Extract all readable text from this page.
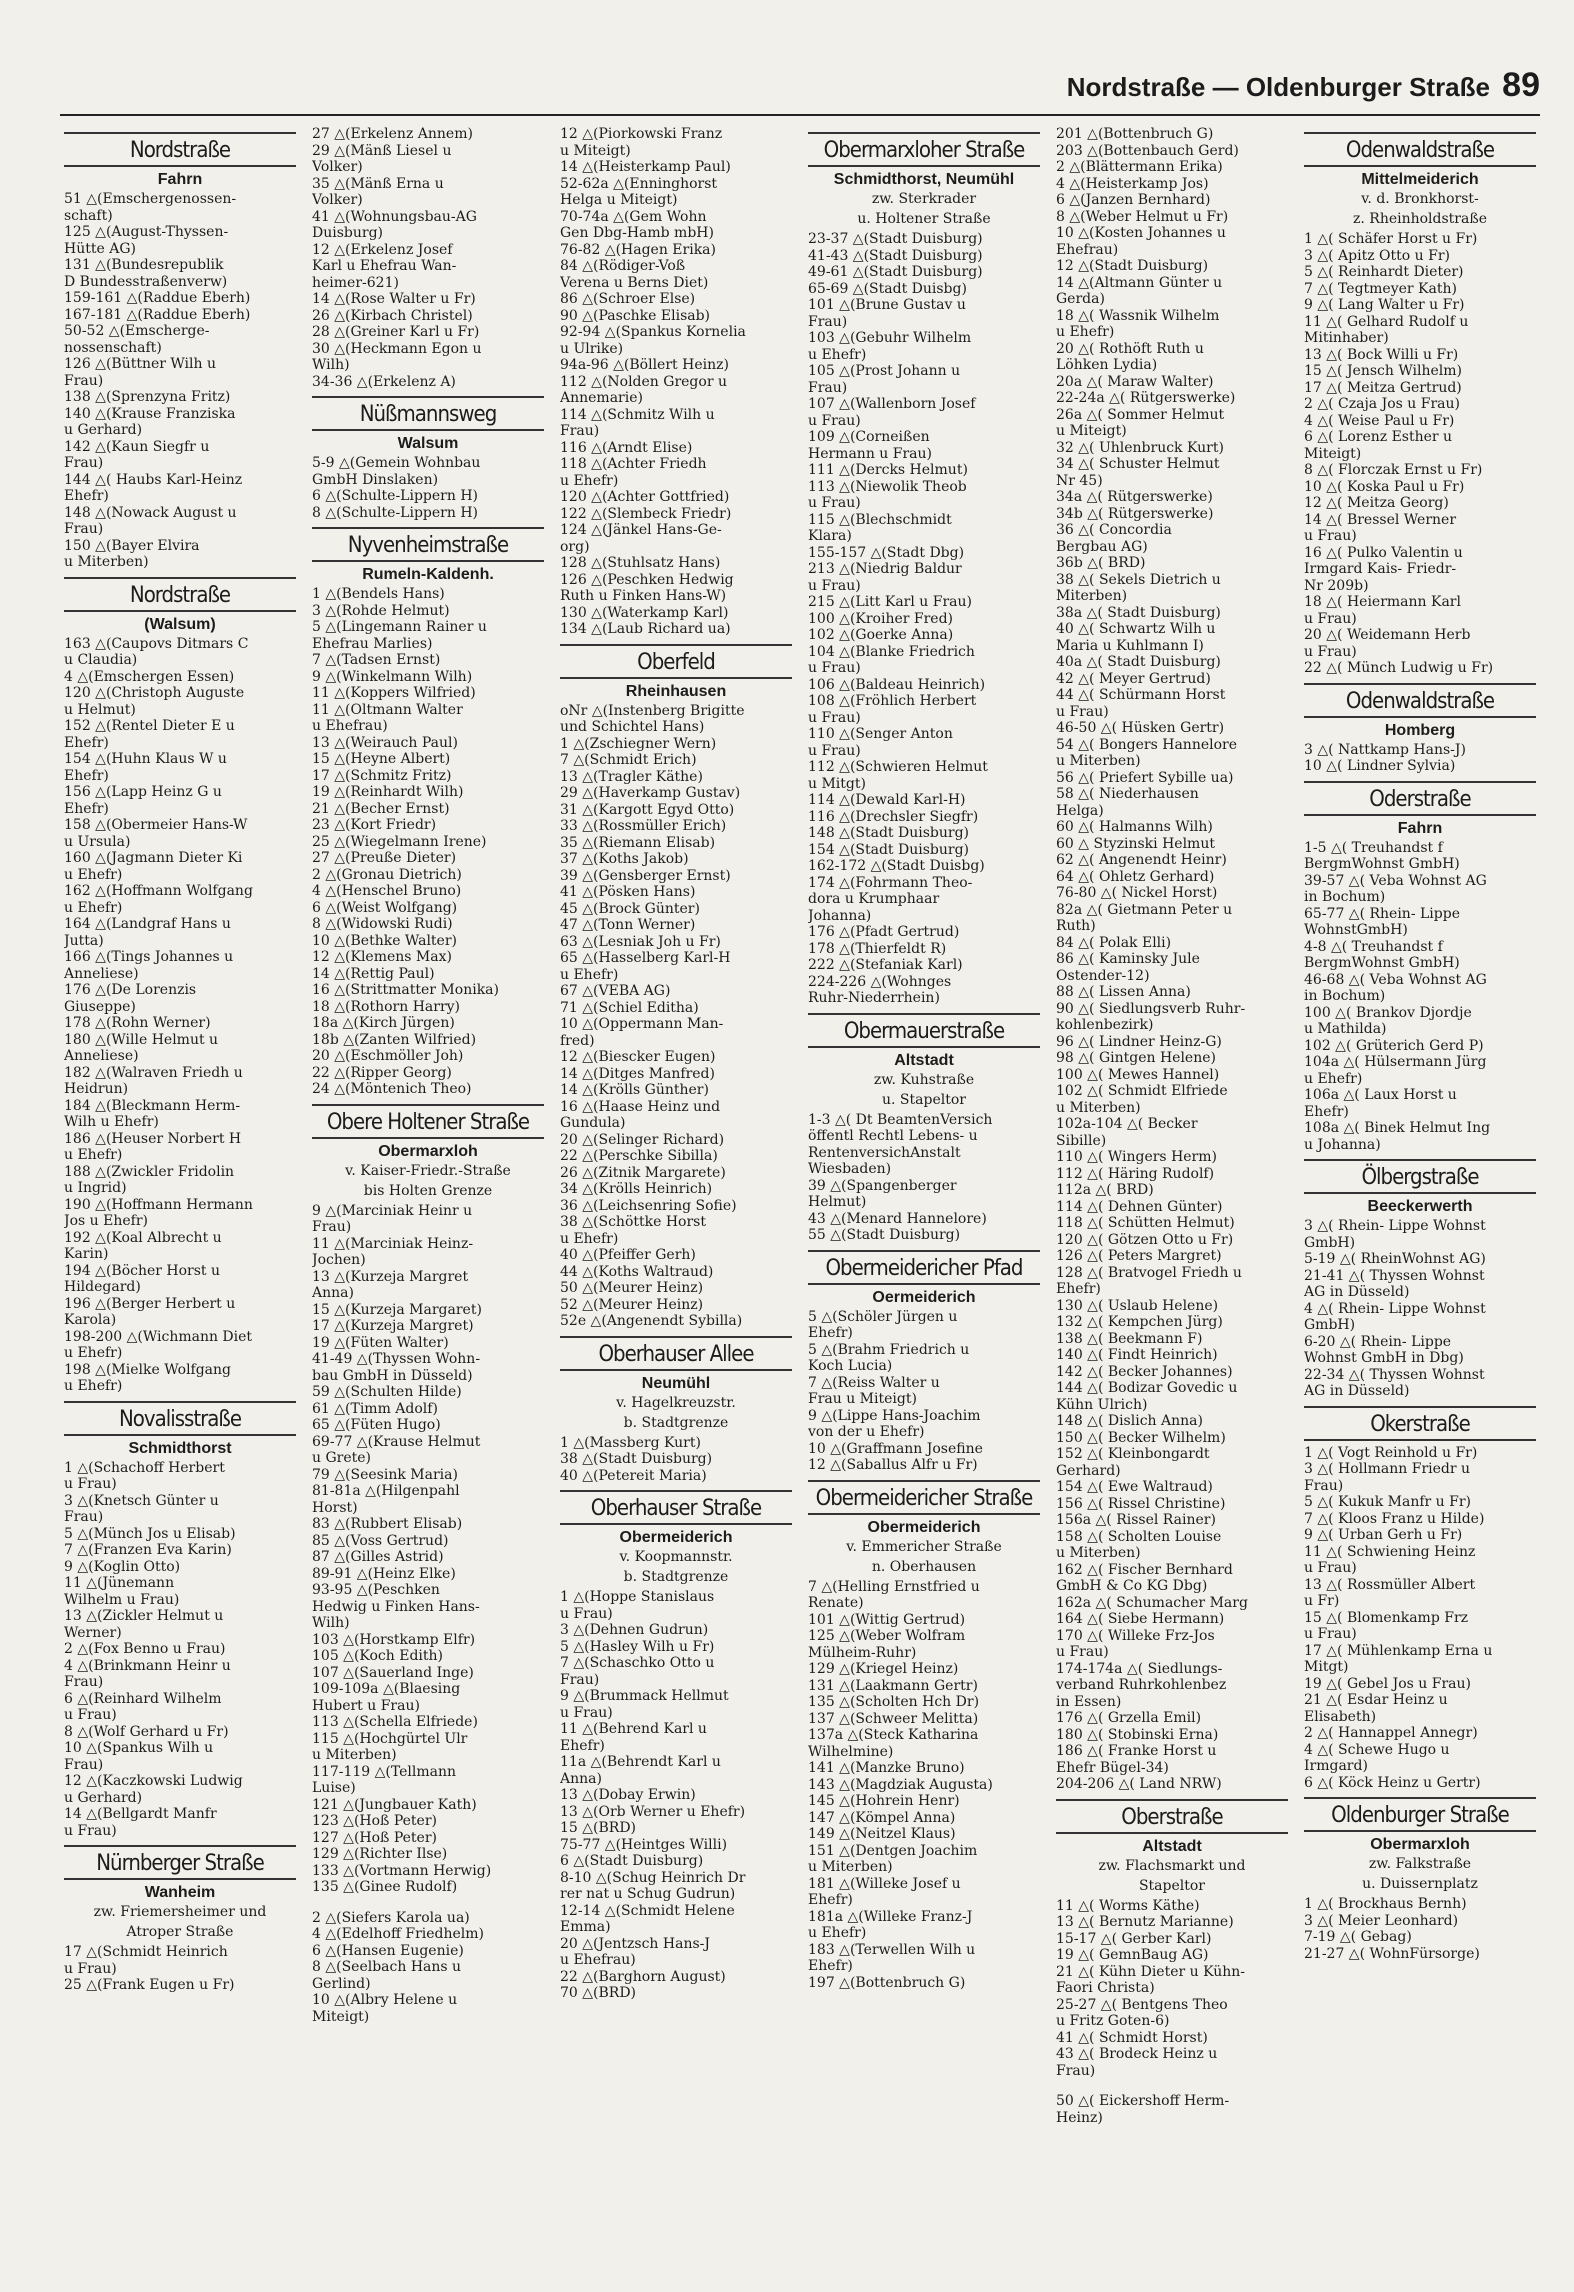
Nordstraße — Oldenburger Straße 89
Nordstraße
Fahrn
51 △(Emschergenossen-
schaft)
125 △(August-Thyssen-
Hütte AG)
131 △(Bundesrepublik
D Bundesstraßenverw)
159-161 △(Raddue Eberh)
167-181 △(Raddue Eberh)
50-52 △(Emscherge-
nossenschaft)
126 △(Büttner Wilh u
Frau)
138 △(Sprenzyna Fritz)
140 △(Krause Franziska
u Gerhard)
142 △(Kaun Siegfr u
Frau)
144 △( Haubs Karl-Heinz
Ehefr)
148 △(Nowack August u
Frau)
150 △(Bayer Elvira
u Miterben)
Nordstraße
(Walsum)
163 △(Caupovs Ditmars C
u Claudia)
4 △(Emschergen Essen)
120 △(Christoph Auguste
u Helmut)
152 △(Rentel Dieter E u
Ehefr)
154 △(Huhn Klaus W u
Ehefr)
156 △(Lapp Heinz G u
Ehefr)
158 △(Obermeier Hans-W
u Ursula)
160 △(Jagmann Dieter Ki
u Ehefr)
162 △(Hoffmann Wolfgang
u Ehefr)
164 △(Landgraf Hans u
Jutta)
166 △(Tings Johannes u
Anneliese)
176 △(De Lorenzis
Giuseppe)
178 △(Rohn Werner)
180 △(Wille Helmut u
Anneliese)
182 △(Walraven Friedh u
Heidrun)
184 △(Bleckmann Herm-
Wilh u Ehefr)
186 △(Heuser Norbert H
u Ehefr)
188 △(Zwickler Fridolin
u Ingrid)
190 △(Hoffmann Hermann
Jos u Ehefr)
192 △(Koal Albrecht u
Karin)
194 △(Böcher Horst u
Hildegard)
196 △(Berger Herbert u
Karola)
198-200 △(Wichmann Diet
u Ehefr)
198 △(Mielke Wolfgang
u Ehefr)
Novalisstraße
Schmidthorst
1 △(Schachoff Herbert
u Frau)
3 △(Knetsch Günter u
Frau)
5 △(Münch Jos u Elisab)
7 △(Franzen Eva Karin)
9 △(Koglin Otto)
11 △(Jünemann
Wilhelm u Frau)
13 △(Zickler Helmut u
Werner)
2 △(Fox Benno u Frau)
4 △(Brinkmann Heinr u
Frau)
6 △(Reinhard Wilhelm
u Frau)
8 △(Wolf Gerhard u Fr)
10 △(Spankus Wilh u
Frau)
12 △(Kaczkowski Ludwig
u Gerhard)
14 △(Bellgardt Manfr
u Frau)
Nürnberger Straße
Wanheim
zw. Friemersheimer und
Atroper Straße
17 △(Schmidt Heinrich
u Frau)
25 △(Frank Eugen u Fr)
27 △(Erkelenz Annem)
29 △(Mänß Liesel u
Volker)
35 △(Mänß Erna u
Volker)
41 △(Wohnungsbau-AG
Duisburg)
12 △(Erkelenz Josef
Karl u Ehefrau Wan-
heimer-621)
14 △(Rose Walter u Fr)
26 △(Kirbach Christel)
28 △(Greiner Karl u Fr)
30 △(Heckmann Egon u
Wilh)
34-36 △(Erkelenz A)
Nüßmannsweg
Walsum
5-9 △(Gemein Wohnbau
GmbH Dinslaken)
6 △(Schulte-Lippern H)
8 △(Schulte-Lippern H)
Nyvenheimstraße
Rumeln-Kaldenh.
1 △(Bendels Hans)
3 △(Rohde Helmut)
5 △(Lingemann Rainer u
Ehefrau Marlies)
7 △(Tadsen Ernst)
9 △(Winkelmann Wilh)
11 △(Koppers Wilfried)
11 △(Oltmann Walter
u Ehefrau)
13 △(Weirauch Paul)
15 △(Heyne Albert)
17 △(Schmitz Fritz)
19 △(Reinhardt Wilh)
21 △(Becher Ernst)
23 △(Kort Friedr)
25 △(Wiegelmann Irene)
27 △(Preuße Dieter)
2 △(Gronau Dietrich)
4 △(Henschel Bruno)
6 △(Weist Wolfgang)
8 △(Widowski Rudi)
10 △(Bethke Walter)
12 △(Klemens Max)
14 △(Rettig Paul)
16 △(Strittmatter Monika)
18 △(Rothorn Harry)
18a △(Kirch Jürgen)
18b △(Zanten Wilfried)
20 △(Eschmöller Joh)
22 △(Ripper Georg)
24 △(Möntenich Theo)
Obere Holtener Straße
Obermarxloh
v. Kaiser-Friedr.-Straße
bis Holten Grenze
9 △(Marciniak Heinr u
Frau)
11 △(Marciniak Heinz-
Jochen)
13 △(Kurzeja Margret
Anna)
15 △(Kurzeja Margaret)
17 △(Kurzeja Margret)
19 △(Füten Walter)
41-49 △(Thyssen Wohn-
bau GmbH in Düsseld)
59 △(Schulten Hilde)
61 △(Timm Adolf)
65 △(Füten Hugo)
69-77 △(Krause Helmut
u Grete)
79 △(Seesink Maria)
81-81a △(Hilgenpahl
Horst)
83 △(Rubbert Elisab)
85 △(Voss Gertrud)
87 △(Gilles Astrid)
89-91 △(Heinz Elke)
93-95 △(Peschken
Hedwig u Finken Hans-
Wilh)
103 △(Horstkamp Elfr)
105 △(Koch Edith)
107 △(Sauerland Inge)
109-109a △(Blaesing
Hubert u Frau)
113 △(Schella Elfriede)
115 △(Hochgürtel Ulr
u Miterben)
117-119 △(Tellmann
Luise)
121 △(Jungbauer Kath)
123 △(Hoß Peter)
127 △(Hoß Peter)
129 △(Richter Ilse)
133 △(Vortmann Herwig)
135 △(Ginee Rudolf)
2 △(Siefers Karola ua)
4 △(Edelhoff Friedhelm)
6 △(Hansen Eugenie)
8 △(Seelbach Hans u
Gerlind)
10 △(Albry Helene u
Miteigt)
12 △(Piorkowski Franz
u Miteigt)
14 △(Heisterkamp Paul)
52-62a △(Enninghorst
Helga u Miteigt)
70-74a △(Gem Wohn
Gen Dbg-Hamb mbH)
76-82 △(Hagen Erika)
84 △(Rödiger-Voß
Verena u Berns Diet)
86 △(Schroer Else)
90 △(Paschke Elisab)
92-94 △(Spankus Kornelia
u Ulrike)
94a-96 △(Böllert Heinz)
112 △(Nolden Gregor u
Annemarie)
114 △(Schmitz Wilh u
Frau)
116 △(Arndt Elise)
118 △(Achter Friedh
u Ehefr)
120 △(Achter Gottfried)
122 △(Slembeck Friedr)
124 △(Jänkel Hans-Ge-
org)
128 △(Stuhlsatz Hans)
126 △(Peschken Hedwig
Ruth u Finken Hans-W)
130 △(Waterkamp Karl)
134 △(Laub Richard ua)
Oberfeld
Rheinhausen
oNr △(Instenberg Brigitte
und Schichtel Hans)
1 △(Zschiegner Wern)
7 △(Schmidt Erich)
13 △(Tragler Käthe)
29 △(Haverkamp Gustav)
31 △(Kargott Egyd Otto)
33 △(Rossmüller Erich)
35 △(Riemann Elisab)
37 △(Koths Jakob)
39 △(Gensberger Ernst)
41 △(Pösken Hans)
45 △(Brock Günter)
47 △(Tonn Werner)
63 △(Lesniak Joh u Fr)
65 △(Hasselberg Karl-H
u Ehefr)
67 △(VEBA AG)
71 △(Schiel Editha)
10 △(Oppermann Man-
fred)
12 △(Biescker Eugen)
14 △(Ditges Manfred)
14 △(Krölls Günther)
16 △(Haase Heinz und
Gundula)
20 △(Selinger Richard)
22 △(Perschke Sibilla)
26 △(Zitnik Margarete)
34 △(Krölls Heinrich)
36 △(Leichsenring Sofie)
38 △(Schöttke Horst
u Ehefr)
40 △(Pfeiffer Gerh)
44 △(Koths Waltraud)
50 △(Meurer Heinz)
52 △(Meurer Heinz)
52e △(Angenendt Sybilla)
Oberhauser Allee
Neumühl
v. Hagelkreuzstr.
b. Stadtgrenze
1 △(Massberg Kurt)
38 △(Stadt Duisburg)
40 △(Petereit Maria)
Oberhauser Straße
Obermeiderich
v. Koopmannstr.
b. Stadtgrenze
1 △(Hoppe Stanislaus
u Frau)
3 △(Dehnen Gudrun)
5 △(Hasley Wilh u Fr)
7 △(Schaschko Otto u
Frau)
9 △(Brummack Hellmut
u Frau)
11 △(Behrend Karl u
Ehefr)
11a △(Behrendt Karl u
Anna)
13 △(Dobay Erwin)
13 △(Orb Werner u Ehefr)
15 △(BRD)
75-77 △(Heintges Willi)
6 △(Stadt Duisburg)
8-10 △(Schug Heinrich Dr
rer nat u Schug Gudrun)
12-14 △(Schmidt Helene
Emma)
20 △(Jentzsch Hans-J
u Ehefrau)
22 △(Barghorn August)
70 △(BRD)
Obermarxloher Straße
Schmidthorst, Neumühl
zw. Sterkrader
u. Holtener Straße
23-37 △(Stadt Duisburg)
41-43 △(Stadt Duisburg)
49-61 △(Stadt Duisburg)
65-69 △(Stadt Duisbg)
101 △(Brune Gustav u
Frau)
103 △(Gebuhr Wilhelm
u Ehefr)
105 △(Prost Johann u
Frau)
107 △(Wallenborn Josef
u Frau)
109 △(Corneißen
Hermann u Frau)
111 △(Dercks Helmut)
113 △(Niewolik Theob
u Frau)
115 △(Blechschmidt
Klara)
155-157 △(Stadt Dbg)
213 △(Niedrig Baldur
u Frau)
215 △(Litt Karl u Frau)
100 △(Kroiher Fred)
102 △(Goerke Anna)
104 △(Blanke Friedrich
u Frau)
106 △(Baldeau Heinrich)
108 △(Fröhlich Herbert
u Frau)
110 △(Senger Anton
u Frau)
112 △(Schwieren Helmut
u Mitgt)
114 △(Dewald Karl-H)
116 △(Drechsler Siegfr)
148 △(Stadt Duisburg)
154 △(Stadt Duisburg)
162-172 △(Stadt Duisbg)
174 △(Fohrmann Theo-
dora u Krumphaar
Johanna)
176 △(Pfadt Gertrud)
178 △(Thierfeldt R)
222 △(Stefaniak Karl)
224-226 △(Wohnges
Ruhr-Niederrhein)
Obermauerstraße
Altstadt
zw. Kuhstraße
u. Stapeltor
1-3 △( Dt BeamtenVersich
öffentl Rechtl Lebens- u
RentenversichAnstalt
Wiesbaden)
39 △(Spangenberger
Helmut)
43 △(Menard Hannelore)
55 △(Stadt Duisburg)
Obermeidericher Pfad
Oermeiderich
5 △(Schöler Jürgen u
Ehefr)
5 △(Brahm Friedrich u
Koch Lucia)
7 △(Reiss Walter u
Frau u Miteigt)
9 △(Lippe Hans-Joachim
von der u Ehefr)
10 △(Graffmann Josefine
12 △(Saballus Alfr u Fr)
Obermeidericher Straße
Obermeiderich
v. Emmericher Straße
n. Oberhausen
7 △(Helling Ernstfried u
Renate)
101 △(Wittig Gertrud)
125 △(Weber Wolfram
Mülheim-Ruhr)
129 △(Kriegel Heinz)
131 △(Laakmann Gertr)
135 △(Scholten Hch Dr)
137 △(Schweer Melitta)
137a △(Steck Katharina
Wilhelmine)
141 △(Manzke Bruno)
143 △(Magdziak Augusta)
145 △(Hohrein Henr)
147 △(Kömpel Anna)
149 △(Neitzel Klaus)
151 △(Dentgen Joachim
u Miterben)
181 △(Willeke Josef u
Ehefr)
181a △(Willeke Franz-J
u Ehefr)
183 △(Terwellen Wilh u
Ehefr)
197 △(Bottenbruch G)
201 △(Bottenbruch G)
203 △(Bottenbauch Gerd)
2 △(Blättermann Erika)
4 △(Heisterkamp Jos)
6 △(Janzen Bernhard)
8 △(Weber Helmut u Fr)
10 △(Kosten Johannes u
Ehefrau)
12 △(Stadt Duisburg)
14 △(Altmann Günter u
Gerda)
18 △( Wassnik Wilhelm
u Ehefr)
20 △( Rothöft Ruth u
Löhken Lydia)
20a △( Maraw Walter)
22-24a △( Rütgerswerke)
26a △( Sommer Helmut
u Miteigt)
32 △( Uhlenbruck Kurt)
34 △( Schuster Helmut
Nr 45)
34a △( Rütgerswerke)
34b △( Rütgerswerke)
36 △( Concordia
Bergbau AG)
36b △( BRD)
38 △( Sekels Dietrich u
Miterben)
38a △( Stadt Duisburg)
40 △( Schwartz Wilh u
Maria u Kuhlmann I)
40a △( Stadt Duisburg)
42 △( Meyer Gertrud)
44 △( Schürmann Horst
u Frau)
46-50 △( Hüsken Gertr)
54 △( Bongers Hannelore
u Miterben)
56 △( Priefert Sybille ua)
58 △( Niederhausen
Helga)
60 △( Halmanns Wilh)
60 △ Styzinski Helmut
62 △( Angenendt Heinr)
64 △( Ohletz Gerhard)
76-80 △( Nickel Horst)
82a △( Gietmann Peter u
Ruth)
84 △( Polak Elli)
86 △( Kaminsky Jule
Ostender-12)
88 △( Lissen Anna)
90 △( Siedlungsverb Ruhr-
kohlenbezirk)
96 △( Lindner Heinz-G)
98 △( Gintgen Helene)
100 △( Mewes Hannel)
102 △( Schmidt Elfriede
u Miterben)
102a-104 △( Becker
Sibille)
110 △( Wingers Herm)
112 △( Häring Rudolf)
112a △( BRD)
114 △( Dehnen Günter)
118 △( Schütten Helmut)
120 △( Götzen Otto u Fr)
126 △( Peters Margret)
128 △( Bratvogel Friedh u
Ehefr)
130 △( Uslaub Helene)
132 △( Kempchen Jürg)
138 △( Beekmann F)
140 △( Findt Heinrich)
142 △( Becker Johannes)
144 △( Bodizar Govedic u
Kühn Ulrich)
148 △( Dislich Anna)
150 △( Becker Wilhelm)
152 △( Kleinbongardt
Gerhard)
154 △( Ewe Waltraud)
156 △( Rissel Christine)
156a △( Rissel Rainer)
158 △( Scholten Louise
u Miterben)
162 △( Fischer Bernhard
GmbH & Co KG Dbg)
162a △( Schumacher Marg
164 △( Siebe Hermann)
170 △( Willeke Frz-Jos
u Frau)
174-174a △( Siedlungs-
verband Ruhrkohlenbez
in Essen)
176 △( Grzella Emil)
180 △( Stobinski Erna)
186 △( Franke Horst u
Ehefr Bügel-34)
204-206 △( Land NRW)
Oberstraße
Altstadt
zw. Flachsmarkt und
Stapeltor
11 △( Worms Käthe)
13 △( Bernutz Marianne)
15-17 △( Gerber Karl)
19 △( GemnBaug AG)
21 △( Kühn Dieter u Kühn-
Faori Christa)
25-27 △( Bentgens Theo
u Fritz Goten-6)
41 △( Schmidt Horst)
43 △( Brodeck Heinz u
Frau)
50 △( Eickershoff Herm-
Heinz)
Odenwaldstraße
Mittelmeiderich
v. d. Bronkhorst-
z. Rheinholdstraße
1 △( Schäfer Horst u Fr)
3 △( Apitz Otto u Fr)
5 △( Reinhardt Dieter)
7 △( Tegtmeyer Kath)
9 △( Lang Walter u Fr)
11 △( Gelhard Rudolf u
Mitinhaber)
13 △( Bock Willi u Fr)
15 △( Jensch Wilhelm)
17 △( Meitza Gertrud)
2 △( Czaja Jos u Frau)
4 △( Weise Paul u Fr)
6 △( Lorenz Esther u
Miteigt)
8 △( Florczak Ernst u Fr)
10 △( Koska Paul u Fr)
12 △( Meitza Georg)
14 △( Bressel Werner
u Frau)
16 △( Pulko Valentin u
Irmgard Kais- Friedr-
Nr 209b)
18 △( Heiermann Karl
u Frau)
20 △( Weidemann Herb
u Frau)
22 △( Münch Ludwig u Fr)
Odenwaldstraße
Homberg
3 △( Nattkamp Hans-J)
10 △( Lindner Sylvia)
Oderstraße
Fahrn
1-5 △( Treuhandst f
BergmWohnst GmbH)
39-57 △( Veba Wohnst AG
in Bochum)
65-77 △( Rhein- Lippe
WohnstGmbH)
4-8 △( Treuhandst f
BergmWohnst GmbH)
46-68 △( Veba Wohnst AG
in Bochum)
100 △( Brankov Djordje
u Mathilda)
102 △( Grüterich Gerd P)
104a △( Hülsermann Jürg
u Ehefr)
106a △( Laux Horst u
Ehefr)
108a △( Binek Helmut Ing
u Johanna)
Ölbergstraße
Beeckerwerth
3 △( Rhein- Lippe Wohnst
GmbH)
5-19 △( RheinWohnst AG)
21-41 △( Thyssen Wohnst
AG in Düsseld)
4 △( Rhein- Lippe Wohnst
GmbH)
6-20 △( Rhein- Lippe
Wohnst GmbH in Dbg)
22-34 △( Thyssen Wohnst
AG in Düsseld)
Okerstraße
1 △( Vogt Reinhold u Fr)
3 △( Hollmann Friedr u
Frau)
5 △( Kukuk Manfr u Fr)
7 △( Kloos Franz u Hilde)
9 △( Urban Gerh u Fr)
11 △( Schwiening Heinz
u Frau)
13 △( Rossmüller Albert
u Fr)
15 △( Blomenkamp Frz
u Frau)
17 △( Mühlenkamp Erna u
Mitgt)
19 △( Gebel Jos u Frau)
21 △( Esdar Heinz u
Elisabeth)
2 △( Hannappel Annegr)
4 △( Schewe Hugo u
Irmgard)
6 △( Köck Heinz u Gertr)
Oldenburger Straße
Obermarxloh
zw. Falkstraße
u. Duissernplatz
1 △( Brockhaus Bernh)
3 △( Meier Leonhard)
7-19 △( Gebag)
21-27 △( WohnFürsorge)
